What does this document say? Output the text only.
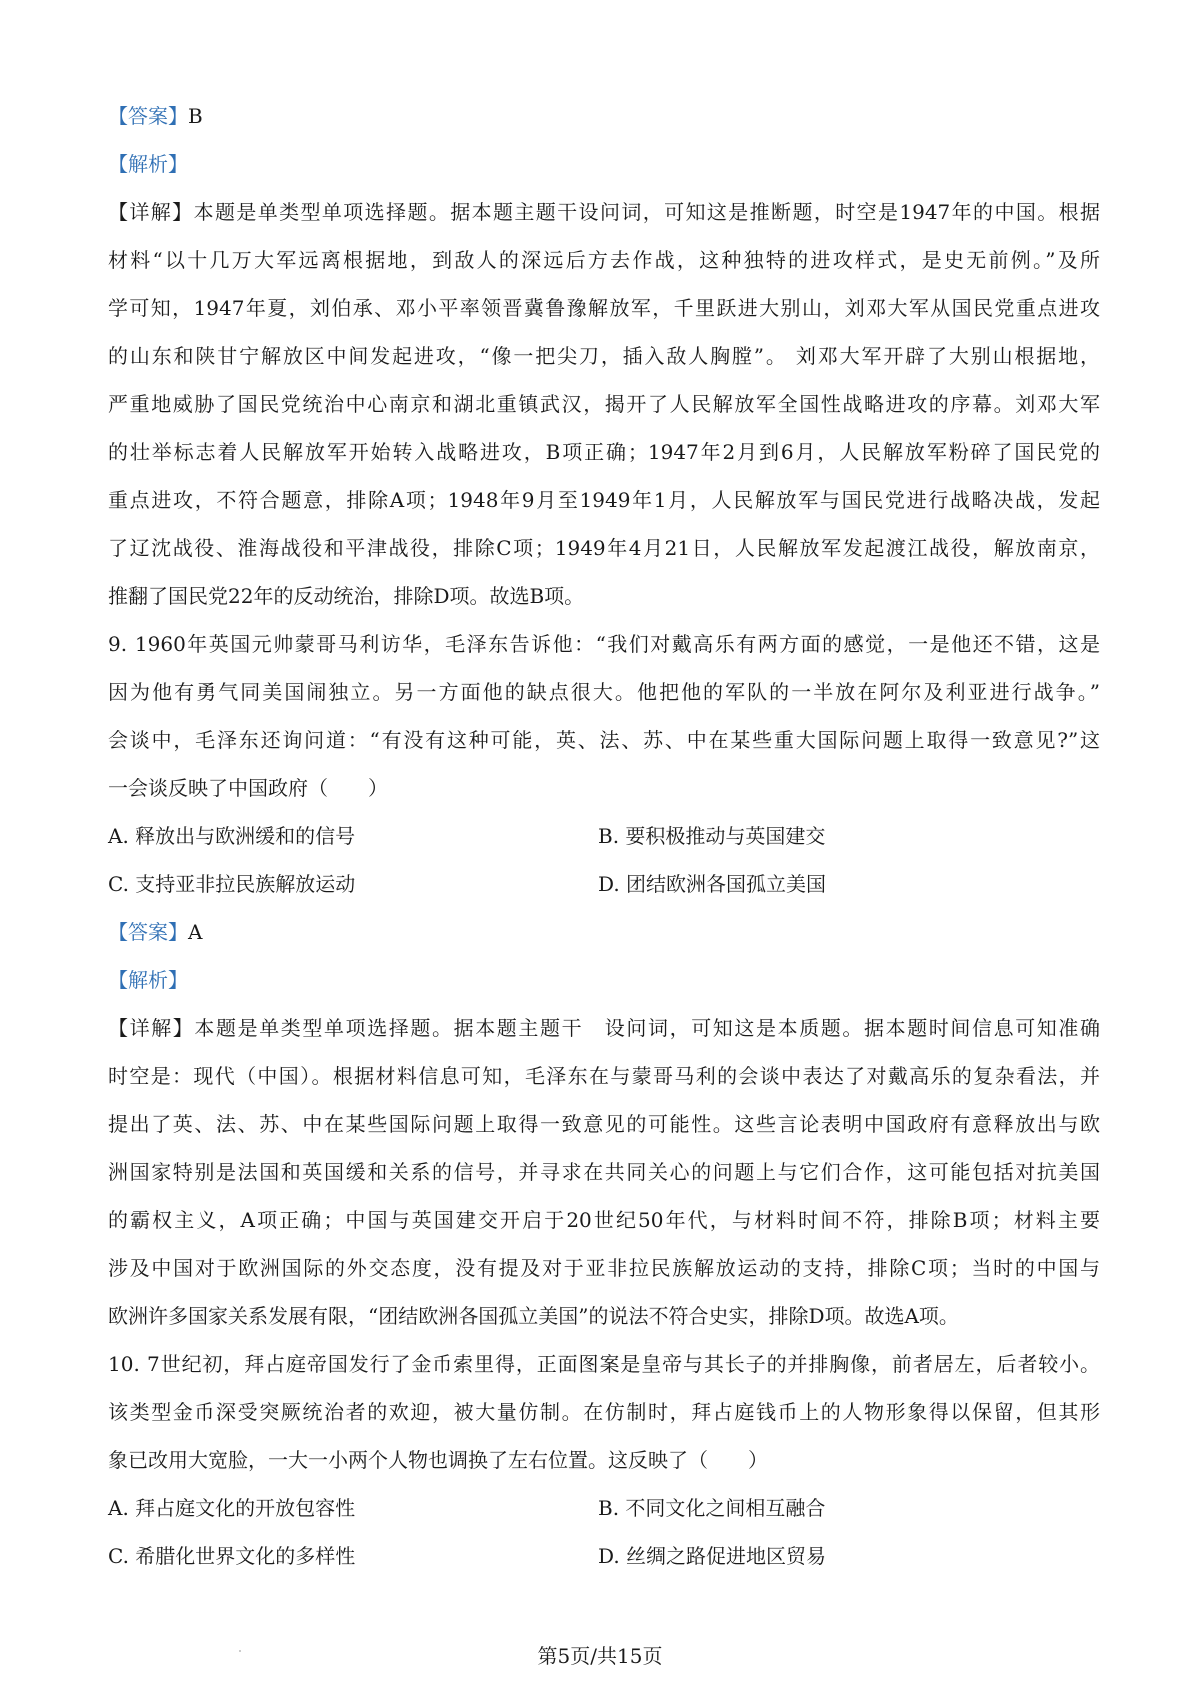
【答案】B
【解析】
【详解】本题是单类型单项选择题。据本题主题干设问词，可知这是推断题，时空是1947年的中国。根据
材料“以十几万大军远离根据地，到敌人的深远后方去作战，这种独特的进攻样式，是史无前例。”及所
学可知，1947年夏，刘伯承、邓小平率领晋冀鲁豫解放军，千里跃进大别山，刘邓大军从国民党重点进攻
的山东和陕甘宁解放区中间发起进攻，“像一把尖刀，插入敌人胸膛”。 刘邓大军开辟了大别山根据地，
严重地威胁了国民党统治中心南京和湖北重镇武汉，揭开了人民解放军全国性战略进攻的序幕。刘邓大军
的壮举标志着人民解放军开始转入战略进攻，B项正确；1947年2月到6月，人民解放军粉碎了国民党的
重点进攻，不符合题意，排除A项；1948年9月至1949年1月，人民解放军与国民党进行战略决战，发起
了辽沈战役、淮海战役和平津战役，排除C项；1949年4月21日，人民解放军发起渡江战役，解放南京，
推翻了国民党22年的反动统治，排除D项。故选B项。
9. 1960年英国元帅蒙哥马利访华，毛泽东告诉他：“我们对戴高乐有两方面的感觉，一是他还不错，这是
因为他有勇气同美国闹独立。另一方面他的缺点很大。他把他的军队的一半放在阿尔及利亚进行战争。”
会谈中，毛泽东还询问道：“有没有这种可能，英、法、苏、中在某些重大国际问题上取得一致意见?”这
一会谈反映了中国政府（　　）
A. 释放出与欧洲缓和的信号	B. 要积极推动与英国建交
C. 支持亚非拉民族解放运动	D. 团结欧洲各国孤立美国
【答案】A
【解析】
【详解】本题是单类型单项选择题。据本题主题干　设问词，可知这是本质题。据本题时间信息可知准确
时空是：现代（中国）。根据材料信息可知，毛泽东在与蒙哥马利的会谈中表达了对戴高乐的复杂看法，并
提出了英、法、苏、中在某些国际问题上取得一致意见的可能性。这些言论表明中国政府有意释放出与欧
洲国家特别是法国和英国缓和关系的信号，并寻求在共同关心的问题上与它们合作，这可能包括对抗美国
的霸权主义，A项正确；中国与英国建交开启于20世纪50年代，与材料时间不符，排除B项；材料主要
涉及中国对于欧洲国际的外交态度，没有提及对于亚非拉民族解放运动的支持，排除C项；当时的中国与
欧洲许多国家关系发展有限，“团结欧洲各国孤立美国”的说法不符合史实，排除D项。故选A项。
10. 7世纪初，拜占庭帝国发行了金币索里得，正面图案是皇帝与其长子的并排胸像，前者居左，后者较小。
该类型金币深受突厥统治者的欢迎，被大量仿制。在仿制时，拜占庭钱币上的人物形象得以保留，但其形
象已改用大宽脸，一大一小两个人物也调换了左右位置。这反映了（　　）
A. 拜占庭文化的开放包容性	B. 不同文化之间相互融合
C. 希腊化世界文化的多样性	D. 丝绸之路促进地区贸易
第5页/共15页
